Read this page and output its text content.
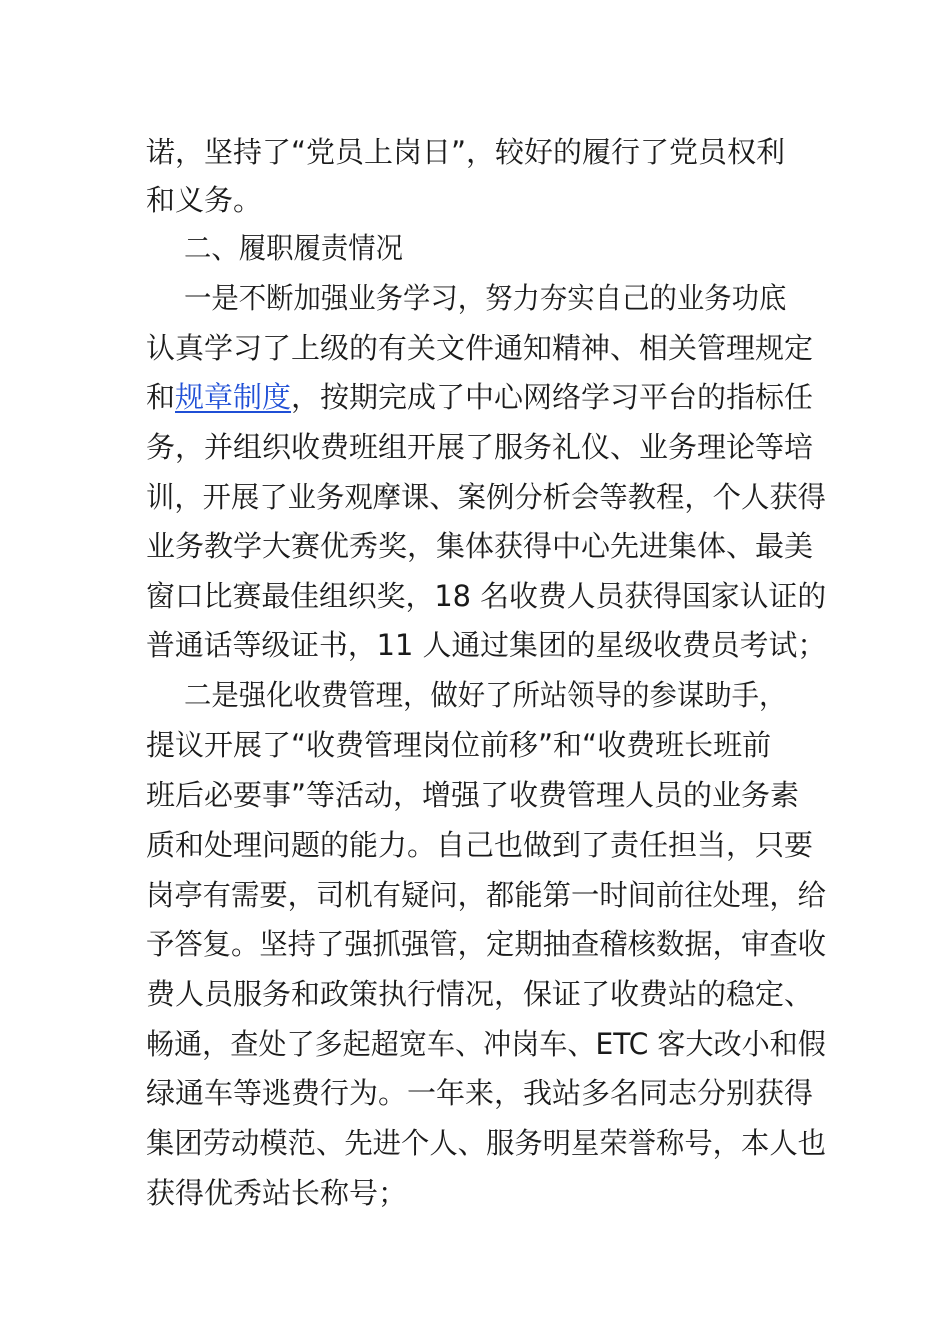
诺，坚持了“党员上岗日”，较好的履行了党员权利
和义务。
二、履职履责情况
一是不断加强业务学习，努力夯实自己的业务功底
认真学习了上级的有关文件通知精神、相关管理规定
和规章制度，按期完成了中心网络学习平台的指标任
务，并组织收费班组开展了服务礼仪、业务理论等培
训，开展了业务观摩课、案例分析会等教程，个人获得
业务教学大赛优秀奖，集体获得中心先进集体、最美
窗口比赛最佳组织奖，18 名收费人员获得国家认证的
普通话等级证书，11 人通过集团的星级收费员考试；
二是强化收费管理，做好了所站领导的参谋助手，
提议开展了“收费管理岗位前移”和“收费班长班前
班后必要事”等活动，增强了收费管理人员的业务素
质和处理问题的能力。自己也做到了责任担当，只要
岗亭有需要，司机有疑问，都能第一时间前往处理，给
予答复。坚持了强抓强管，定期抽查稽核数据，审查收
费人员服务和政策执行情况，保证了收费站的稳定、
畅通，查处了多起超宽车、冲岗车、ETC 客大改小和假
绿通车等逃费行为。一年来，我站多名同志分别获得
集团劳动模范、先进个人、服务明星荣誉称号，本人也
获得优秀站长称号；
